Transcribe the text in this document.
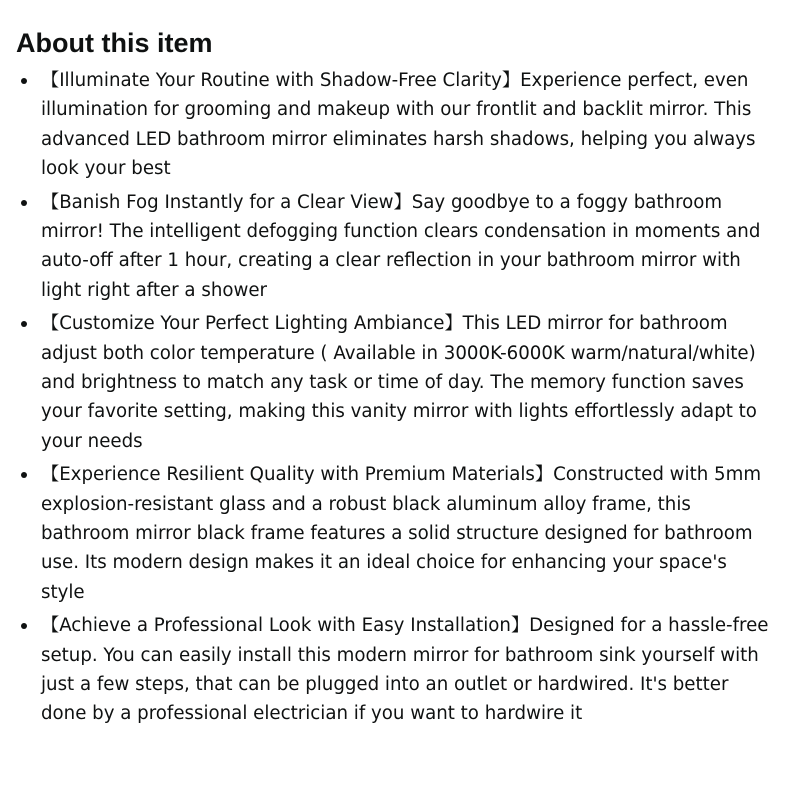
About this item
【Illuminate Your Routine with Shadow-Free Clarity】Experience perfect, even illumination for grooming and makeup with our frontlit and backlit mirror. This advanced LED bathroom mirror eliminates harsh shadows, helping you always look your best
【Banish Fog Instantly for a Clear View】Say goodbye to a foggy bathroom mirror! The intelligent defogging function clears condensation in moments and auto-off after 1 hour, creating a clear reflection in your bathroom mirror with light right after a shower
【Customize Your Perfect Lighting Ambiance】This LED mirror for bathroom adjust both color temperature ( Available in 3000K-6000K warm/natural/white) and brightness to match any task or time of day. The memory function saves your favorite setting, making this vanity mirror with lights effortlessly adapt to your needs
【Experience Resilient Quality with Premium Materials】Constructed with 5mm explosion-resistant glass and a robust black aluminum alloy frame, this bathroom mirror black frame features a solid structure designed for bathroom use. Its modern design makes it an ideal choice for enhancing your space's style
【Achieve a Professional Look with Easy Installation】Designed for a hassle-free setup. You can easily install this modern mirror for bathroom sink yourself with just a few steps, that can be plugged into an outlet or hardwired. It's better done by a professional electrician if you want to hardwire it
